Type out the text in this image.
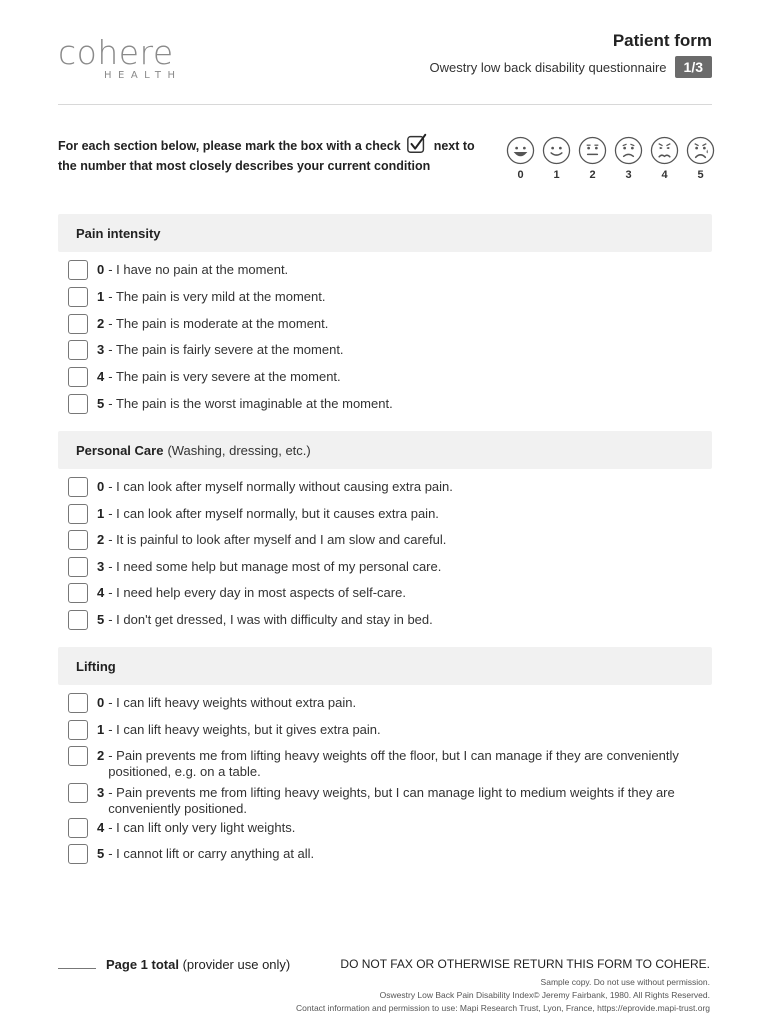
cohere
HEALTH
Patient form
Owestry low back disability questionnaire	1/3
For each section below, please mark the box with a check	next to the number that most closely describes your current condition
0	1	2	3	4	5
Pain intensity
0 - I have no pain at the moment.
1 - The pain is very mild at the moment.
2 - The pain is moderate at the moment.
3 - The pain is fairly severe at the moment.
4 - The pain is very severe at the moment.
5 - The pain is the worst imaginable at the moment.
Personal Care (Washing, dressing, etc.)
0 - I can look after myself normally without causing extra pain.
1 - I can look after myself normally, but it causes extra pain.
2 - It is painful to look after myself and I am slow and careful.
3 - I need some help but manage most of my personal care.
4 - I need help every day in most aspects of self-care.
5 - I don't get dressed, I was with difficulty and stay in bed.
Lifting
0 - I can lift heavy weights without extra pain.
1 - I can lift heavy weights, but it gives extra pain.
2 - Pain prevents me from lifting heavy weights off the floor, but I can manage if they are conveniently positioned, e.g. on a table.
3 - Pain prevents me from lifting heavy weights, but I can manage light to medium weights if they are conveniently positioned.
4 - I can lift only very light weights.
5 - I cannot lift or carry anything at all.
Page 1 total (provider use only)	DO NOT FAX OR OTHERWISE RETURN THIS FORM TO COHERE.
Sample copy. Do not use without permission.
Oswestry Low Back Pain Disability Index© Jeremy Fairbank, 1980. All Rights Reserved.
Contact information and permission to use: Mapi Research Trust, Lyon, France, https://eprovide.mapi-trust.org
